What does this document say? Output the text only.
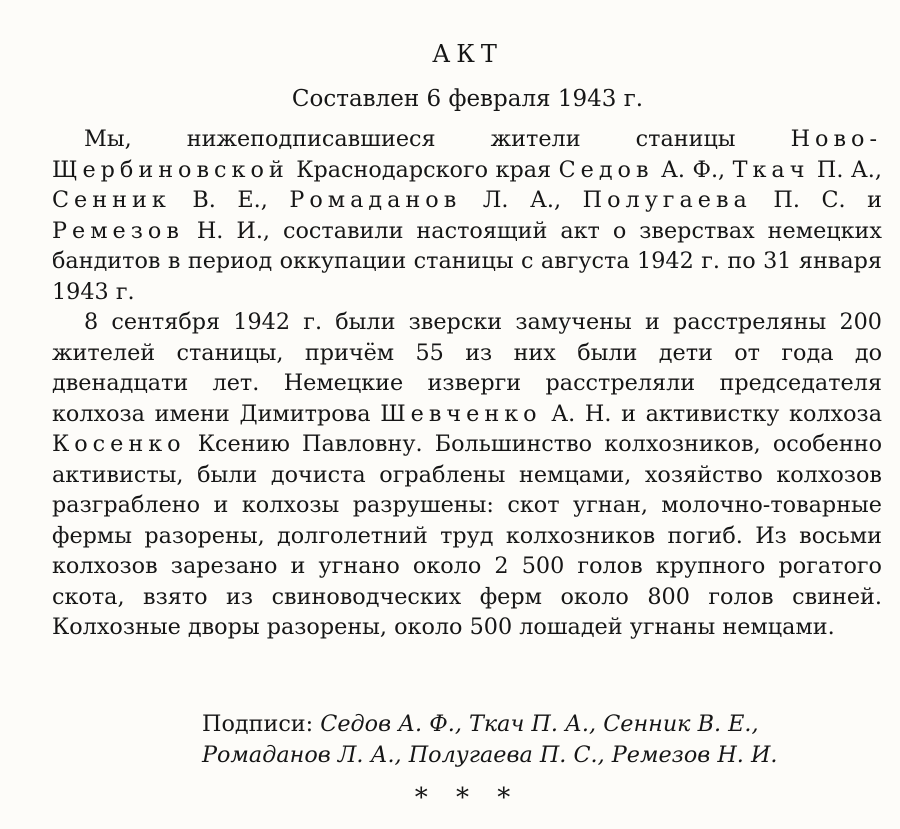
АКТ
Составлен 6 февраля 1943 г.

Мы, нижеподписавшиеся жители станицы Ново-Щербиновской Краснодарского края Седов А. Ф., Ткач П. А., Сенник В. Е., Ромаданов Л. А., Полугаева П. С. и Ремезов Н. И., составили настоящий акт о зверствах немецких бандитов в период оккупации станицы с августа 1942 г. по 31 января 1943 г.

8 сентября 1942 г. были зверски замучены и расстреляны 200 жителей станицы, причём 55 из них были дети от года до двенадцати лет. Немецкие изверги расстреляли председателя колхоза имени Димитрова Шевченко А. Н. и активистку колхоза Косенко Ксению Павловну. Большинство колхозников, особенно активисты, были дочиста ограблены немцами, хозяйство колхозов разграблено и колхозы разрушены: скот угнан, молочно-товарные фермы разорены, долголетний труд колхозников погиб. Из восьми колхозов зарезано и угнано около 2 500 голов крупного рогатого скота, взято из свиноводческих ферм около 800 голов свиней. Колхозные дворы разорены, около 500 лошадей угнаны немцами.

Подписи: Седов А. Ф., Ткач П. А., Сенник В. Е.,
Ромаданов Л. А., Полугаева П. С., Ремезов Н. И.
* * *
